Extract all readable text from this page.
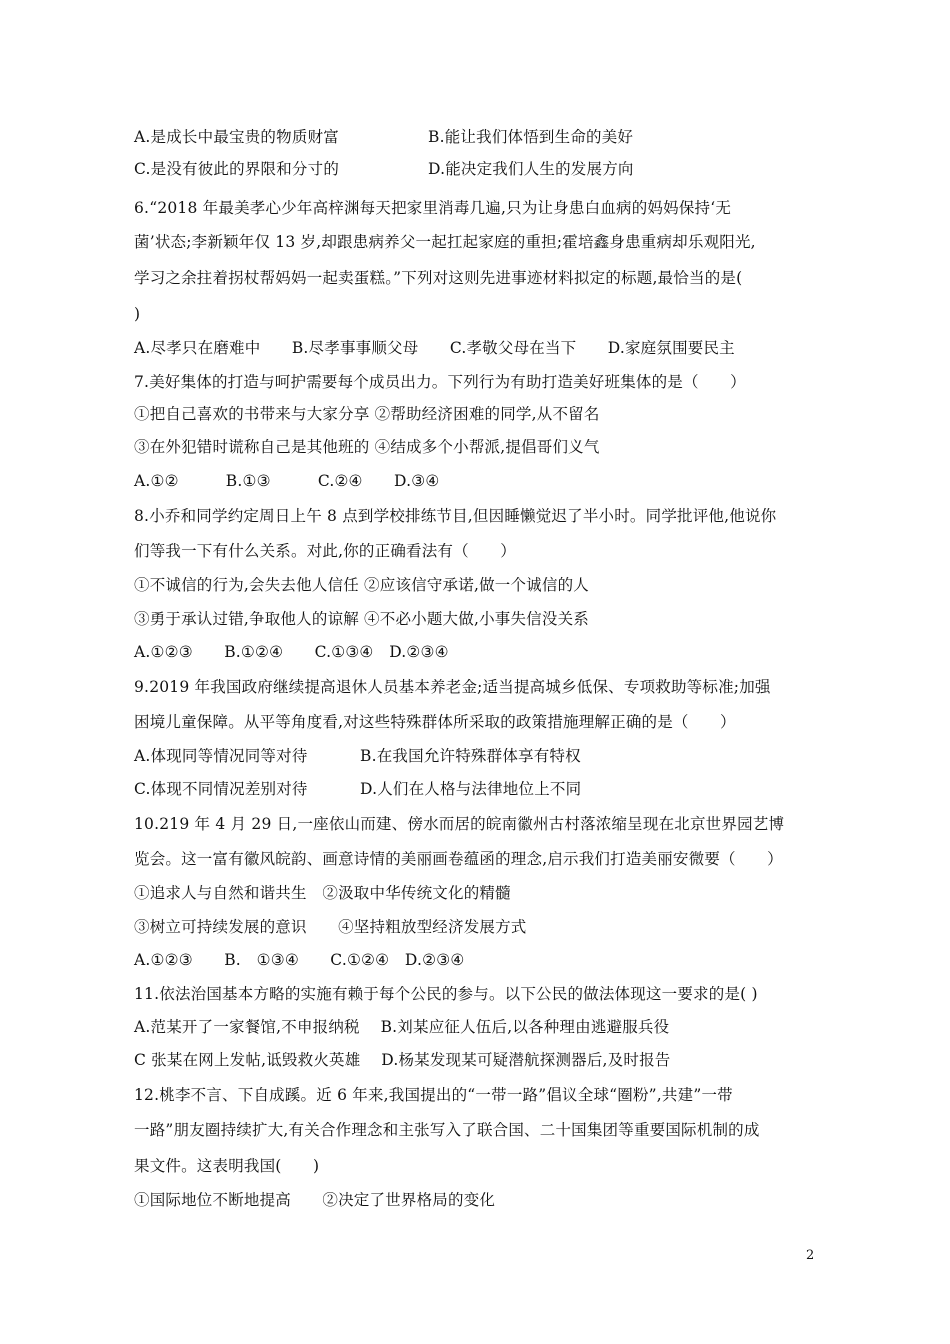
A.是成长中最宝贵的物质财富	B.能让我们体悟到生命的美好
C.是没有彼此的界限和分寸的	D.能决定我们人生的发展方向
6.“2018 年最美孝心少年高梓渊每天把家里消毒几遍,只为让身患白血病的妈妈保持‘无
菌’状态;李新颖年仅 13 岁,却跟患病养父一起扛起家庭的重担;霍培鑫身患重病却乐观阳光,
学习之余拄着拐杖帮妈妈一起卖蛋糕。”下列对这则先进事迹材料拟定的标题,最恰当的是(
)
A.尽孝只在磨难中　　B.尽孝事事顺父母　　C.孝敬父母在当下　　D.家庭氛围要民主
7.美好集体的打造与呵护需要每个成员出力。下列行为有助打造美好班集体的是（　　）
①把自己喜欢的书带来与大家分享 ②帮助经济困难的同学,从不留名
③在外犯错时谎称自己是其他班的 ④结成多个小帮派,提倡哥们义气
A.①②　　　B.①③　　　C.②④　　D.③④
8.小乔和同学约定周日上午 8 点到学校排练节目,但因睡懒觉迟了半小时。同学批评他,他说你
们等我一下有什么关系。对此,你的正确看法有（　　）
①不诚信的行为,会失去他人信任 ②应该信守承诺,做一个诚信的人
③勇于承认过错,争取他人的谅解 ④不必小题大做,小事失信没关系
A.①②③　　B.①②④　　C.①③④　D.②③④
9.2019 年我国政府继续提高退休人员基本养老金;适当提高城乡低保、专项救助等标准;加强
困境儿童保障。从平等角度看,对这些特殊群体所采取的政策措施理解正确的是（　　）
A.体现同等情况同等对待	B.在我国允许特殊群体享有特权
C.体现不同情况差别对待	D.人们在人格与法律地位上不同
10.219 年 4 月 29 日,一座依山而建、傍水而居的皖南徽州古村落浓缩呈现在北京世界园艺博
览会。这一富有徽风皖韵、画意诗情的美丽画卷蕴函的理念,启示我们打造美丽安微要（　　）
①追求人与自然和谐共生　②汲取中华传统文化的精髓
③树立可持续发展的意识　　④坚持粗放型经济发展方式
A.①②③　　B.　①③④　　C.①②④　D.②③④
11.依法治国基本方略的实施有赖于每个公民的参与。以下公民的做法体现这一要求的是( )
A.范某开了一家餐馆,不申报纳税　 B.刘某应征人伍后,以各种理由逃避服兵役
C 张某在网上发帖,诋毁救火英雄　 D.杨某发现某可疑潜航探测器后,及时报告
12.桃李不言、下自成蹊。近 6 年来,我国提出的“一带一路”倡议全球“圈粉”,共建”一带
一路”朋友圈持续扩大,有关合作理念和主张写入了联合国、二十国集团等重要国际机制的成
果文件。这表明我国(　　)
①国际地位不断地提高　　②决定了世界格局的变化
2
